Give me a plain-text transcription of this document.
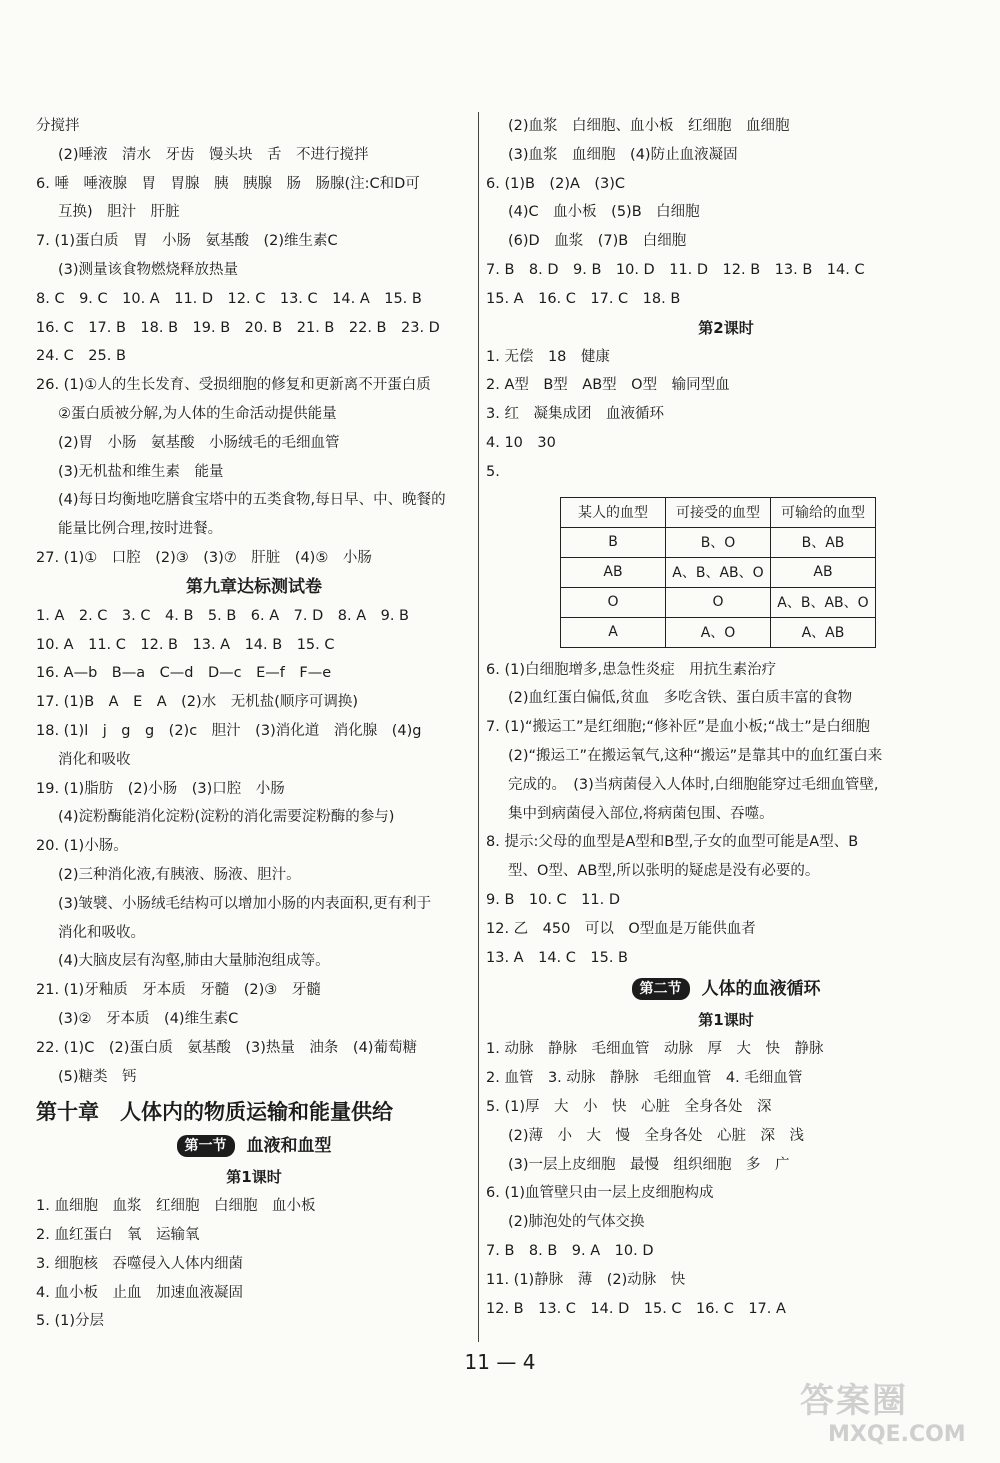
分搅拌
(2)唾液　清水　牙齿　馒头块　舌　不进行搅拌
6. 唾　唾液腺　胃　胃腺　胰　胰腺　肠　肠腺(注:C和D可
互换)　胆汁　肝脏
7. (1)蛋白质　胃　小肠　氨基酸　(2)维生素C
(3)测量该食物燃烧释放热量
8. C　9. C　10. A　11. D　12. C　13. C　14. A　15. B
16. C　17. B　18. B　19. B　20. B　21. B　22. B　23. D
24. C　25. B
26. (1)①人的生长发育、受损细胞的修复和更新离不开蛋白质
②蛋白质被分解,为人体的生命活动提供能量
(2)胃　小肠　氨基酸　小肠绒毛的毛细血管
(3)无机盐和维生素　能量
(4)每日均衡地吃膳食宝塔中的五类食物,每日早、中、晚餐的
能量比例合理,按时进餐。
27. (1)①　口腔　(2)③　(3)⑦　肝脏　(4)⑤　小肠
第九章达标测试卷
1. A　2. C　3. C　4. B　5. B　6. A　7. D　8. A　9. B
10. A　11. C　12. B　13. A　14. B　15. C
16. A—b　B—a　C—d　D—c　E—f　F—e
17. (1)B　A　E　A　(2)水　无机盐(顺序可调换)
18. (1)l　j　g　g　(2)c　胆汁　(3)消化道　消化腺　(4)g
消化和吸收
19. (1)脂肪　(2)小肠　(3)口腔　小肠
(4)淀粉酶能消化淀粉(淀粉的消化需要淀粉酶的参与)
20. (1)小肠。
(2)三种消化液,有胰液、肠液、胆汁。
(3)皱襞、小肠绒毛结构可以增加小肠的内表面积,更有利于
消化和吸收。
(4)大脑皮层有沟壑,肺由大量肺泡组成等。
21. (1)牙釉质　牙本质　牙髓　(2)③　牙髓
(3)②　牙本质　(4)维生素C
22. (1)C　(2)蛋白质　氨基酸　(3)热量　油条　(4)葡萄糖
(5)糖类　钙
第十章　人体内的物质运输和能量供给
第一节	血液和血型
第1课时
1. 血细胞　血浆　红细胞　白细胞　血小板
2. 血红蛋白　氧　运输氧
3. 细胞核　吞噬侵入人体内细菌
4. 血小板　止血　加速血液凝固
5. (1)分层
(2)血浆　白细胞、血小板　红细胞　血细胞
(3)血浆　血细胞　(4)防止血液凝固
6. (1)B　(2)A　(3)C
(4)C　血小板　(5)B　白细胞
(6)D　血浆　(7)B　白细胞
7. B　8. D　9. B　10. D　11. D　12. B　13. B　14. C
15. A　16. C　17. C　18. B
第2课时
1. 无偿　18　健康
2. A型　B型　AB型　O型　输同型血
3. 红　凝集成团　血液循环
4. 10　30
5.
某人的血型	可接受的血型	可输给的血型
B	B、O	B、AB
AB	A、B、AB、O	AB
O	O	A、B、AB、O
A	A、O	A、AB
6. (1)白细胞增多,患急性炎症　用抗生素治疗
(2)血红蛋白偏低,贫血　多吃含铁、蛋白质丰富的食物
7. (1)“搬运工”是红细胞;“修补匠”是血小板;“战士”是白细胞
(2)“搬运工”在搬运氧气,这种“搬运”是靠其中的血红蛋白来
完成的。　(3)当病菌侵入人体时,白细胞能穿过毛细血管壁,
集中到病菌侵入部位,将病菌包围、吞噬。
8. 提示:父母的血型是A型和B型,子女的血型可能是A型、B
型、O型、AB型,所以张明的疑虑是没有必要的。
9. B　10. C　11. D
12. 乙　450　可以　O型血是万能供血者
13. A　14. C　15. B
第二节	人体的血液循环
第1课时
1. 动脉　静脉　毛细血管　动脉　厚　大　快　静脉
2. 血管　3. 动脉　静脉　毛细血管　4. 毛细血管
5. (1)厚　大　小　快　心脏　全身各处　深
(2)薄　小　大　慢　全身各处　心脏　深　浅
(3)一层上皮细胞　最慢　组织细胞　多　广
6. (1)血管壁只由一层上皮细胞构成
(2)肺泡处的气体交换
7. B　8. B　9. A　10. D
11. (1)静脉　薄　(2)动脉　快
12. B　13. C　14. D　15. C　16. C　17. A
11 — 4
答案圈
MXQE.COM
